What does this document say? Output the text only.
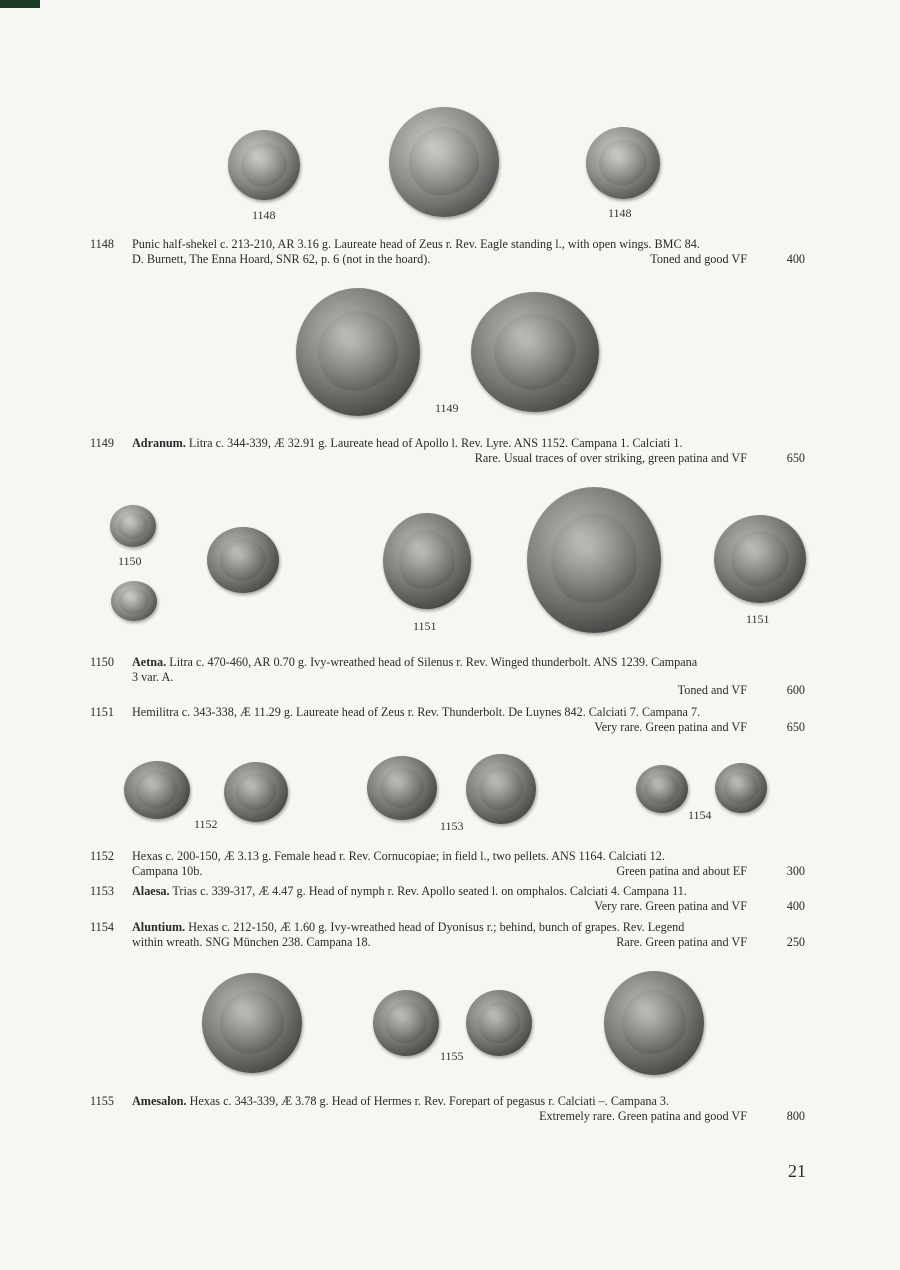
1148	1148
1148	Punic half-shekel c. 213-210, AR 3.16 g. Laureate head of Zeus r. Rev. Eagle standing l., with open wings. BMC 84.
D. Burnett, The Enna Hoard, SNR 62, p. 6 (not in the hoard).	Toned and good VF	400
1149
1149	Adranum. Litra c. 344-339, Æ 32.91 g. Laureate head of Apollo l. Rev. Lyre. ANS 1152. Campana 1. Calciati 1.
Rare. Usual traces of over striking, green patina and VF	650
1150
1151	1151
1150	Aetna. Litra c. 470-460, AR 0.70 g. Ivy-wreathed head of Silenus r. Rev. Winged thunderbolt. ANS 1239. Campana
3 var. A.
Toned and VF	600
1151	Hemilitra c. 343-338, Æ 11.29 g. Laureate head of Zeus r. Rev. Thunderbolt. De Luynes 842. Calciati 7. Campana 7.
Very rare. Green patina and VF	650
1152	1153
1154
1152	Hexas c. 200-150, Æ 3.13 g. Female head r. Rev. Cornucopiae; in field l., two pellets. ANS 1164. Calciati 12.
Campana 10b.	Green patina and about EF	300
1153	Alaesa. Trias c. 339-317, Æ 4.47 g. Head of nymph r. Rev. Apollo seated l. on omphalos. Calciati 4. Campana 11.
Very rare. Green patina and VF	400
1154	Aluntium. Hexas c. 212-150, Æ 1.60 g. Ivy-wreathed head of Dyonisus r.; behind, bunch of grapes. Rev. Legend
within wreath. SNG München 238. Campana 18.	Rare. Green patina and VF	250
1155
1155	Amesalon. Hexas c. 343-339, Æ 3.78 g. Head of Hermes r. Rev. Forepart of pegasus r. Calciati –. Campana 3.
Extremely rare. Green patina and good VF	800
21
